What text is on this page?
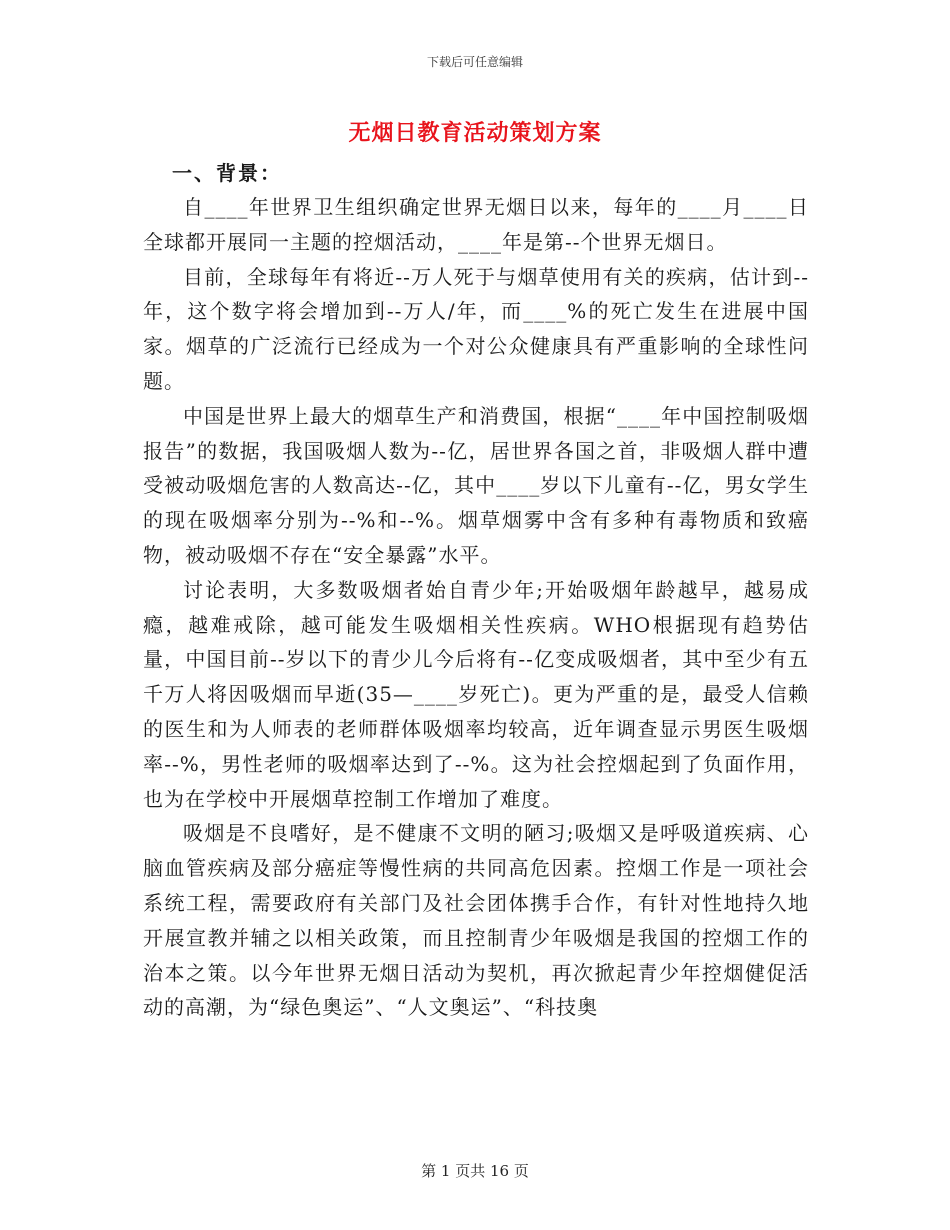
下载后可任意编辑
无烟日教育活动策划方案
一、背景：

自____年世界卫生组织确定世界无烟日以来，每年的____月____日全球都开展同一主题的控烟活动，____年是第--个世界无烟日。

目前，全球每年有将近--万人死于与烟草使用有关的疾病，估计到--年，这个数字将会增加到--万人/年，而____%的死亡发生在进展中国家。烟草的广泛流行已经成为一个对公众健康具有严重影响的全球性问题。

中国是世界上最大的烟草生产和消费国，根据“____年中国控制吸烟报告”的数据，我国吸烟人数为--亿，居世界各国之首，非吸烟人群中遭受被动吸烟危害的人数高达--亿，其中____岁以下儿童有--亿，男女学生的现在吸烟率分别为--%和--%。烟草烟雾中含有多种有毒物质和致癌物，被动吸烟不存在“安全暴露”水平。

讨论表明，大多数吸烟者始自青少年;开始吸烟年龄越早，越易成瘾，越难戒除，越可能发生吸烟相关性疾病。WHO根据现有趋势估量，中国目前--岁以下的青少儿今后将有--亿变成吸烟者，其中至少有五千万人将因吸烟而早逝(35—____岁死亡)。更为严重的是，最受人信赖的医生和为人师表的老师群体吸烟率均较高，近年调查显示男医生吸烟率--%，男性老师的吸烟率达到了--%。这为社会控烟起到了负面作用，也为在学校中开展烟草控制工作增加了难度。

吸烟是不良嗜好，是不健康不文明的陋习;吸烟又是呼吸道疾病、心脑血管疾病及部分癌症等慢性病的共同高危因素。控烟工作是一项社会系统工程，需要政府有关部门及社会团体携手合作，有针对性地持久地开展宣教并辅之以相关政策，而且控制青少年吸烟是我国的控烟工作的治本之策。以今年世界无烟日活动为契机，再次掀起青少年控烟健促活动的高潮，为“绿色奥运”、“人文奥运”、“科技奥

第 1 页共 16 页
